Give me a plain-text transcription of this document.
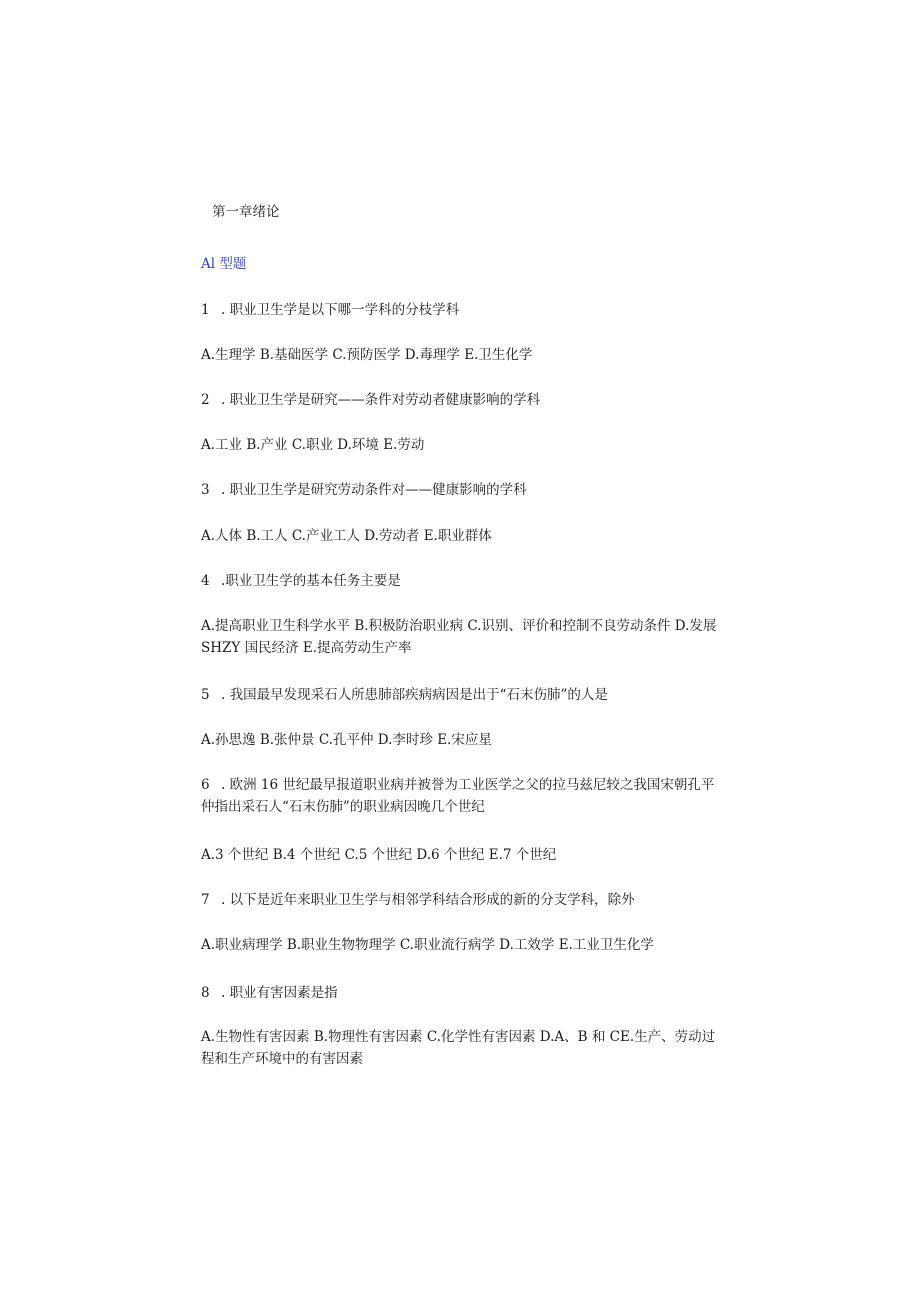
第一章绪论
Al 型题
1 . 职业卫生学是以下哪一学科的分枝学科
A.生理学 B.基础医学 C.预防医学 D.毒理学 E.卫生化学
2 . 职业卫生学是研究——条件对劳动者健康影响的学科
A.工业 B.产业 C.职业 D.环境 E.劳动
3 . 职业卫生学是研究劳动条件对——健康影响的学科
A.人体 B.工人 C.产业工人 D.劳动者 E.职业群体
4 .职业卫生学的基本任务主要是
A.提高职业卫生科学水平 B.积极防治职业病 C.识别、评价和控制不良劳动条件 D.发展 SHZY 国民经济 E.提高劳动生产率
5 . 我国最早发现采石人所患肺部疾病病因是出于“石末伤肺”的人是
A.孙思逸 B.张仲景 C.孔平仲 D.李时珍 E.宋应星
6 . 欧洲 16 世纪最早报道职业病并被誉为工业医学之父的拉马兹尼较之我国宋朝孔平仲指出采石人“石末伤肺”的职业病因晚几个世纪
A.3 个世纪 B.4 个世纪 C.5 个世纪 D.6 个世纪 E.7 个世纪
7 . 以下是近年来职业卫生学与相邻学科结合形成的新的分支学科，除外
A.职业病理学 B.职业生物物理学 C.职业流行病学 D.工效学 E.工业卫生化学
8 . 职业有害因素是指
A.生物性有害因素 B.物理性有害因素 C.化学性有害因素 D.A、B 和 CE.生产、劳动过程和生产环境中的有害因素
